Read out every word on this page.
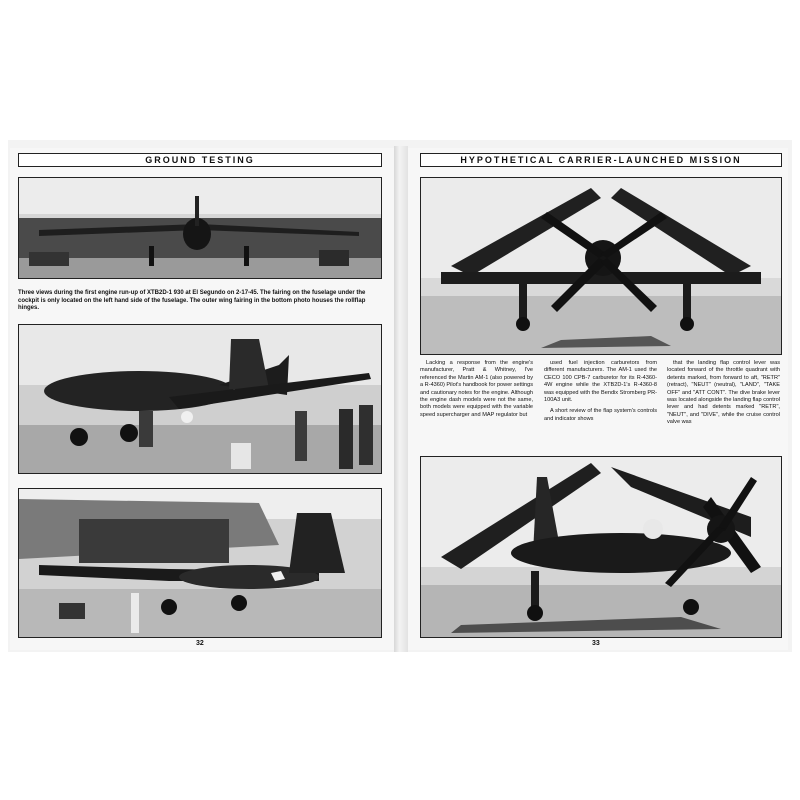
GROUND TESTING
Three views during the first engine run-up of XTB2D-1 930 at El Segundo on 2-17-45. The fairing on the fuselage under the cockpit is only located on the left hand side of the fuselage. The outer wing fairing in the bottom photo houses the rollflap hinges.
32
HYPOTHETICAL CARRIER-LAUNCHED MISSION

Lacking a response from the engine's manufacturer, Pratt & Whitney, I've referenced the Martin AM-1 (also powered by a R-4360) Pilot's handbook for power settings and cautionary notes for the engine. Although the engine dash models were not the same, both models were equipped with the variable speed supercharger and MAP regulator but

used fuel injection carburetors from different manufacturers. The AM-1 used the CECO 100 CPB-7 carburetor for its R-4360-4W engine while the XTB2D-1's R-4360-8 was equipped with the Bendix Stromberg PR-100A3 unit.

A short review of the flap system's controls and indicator shows

that the landing flap control lever was located forward of the throttle quadrant with detents marked, from forward to aft, "RETR" (retract), "NEUT" (neutral), "LAND", "TAKE OFF" and "ATT CONT". The dive brake lever was located alongside the landing flap control lever and had detents marked "RETR", "NEUT", and "DIVE", while the cruise control valve was

33
